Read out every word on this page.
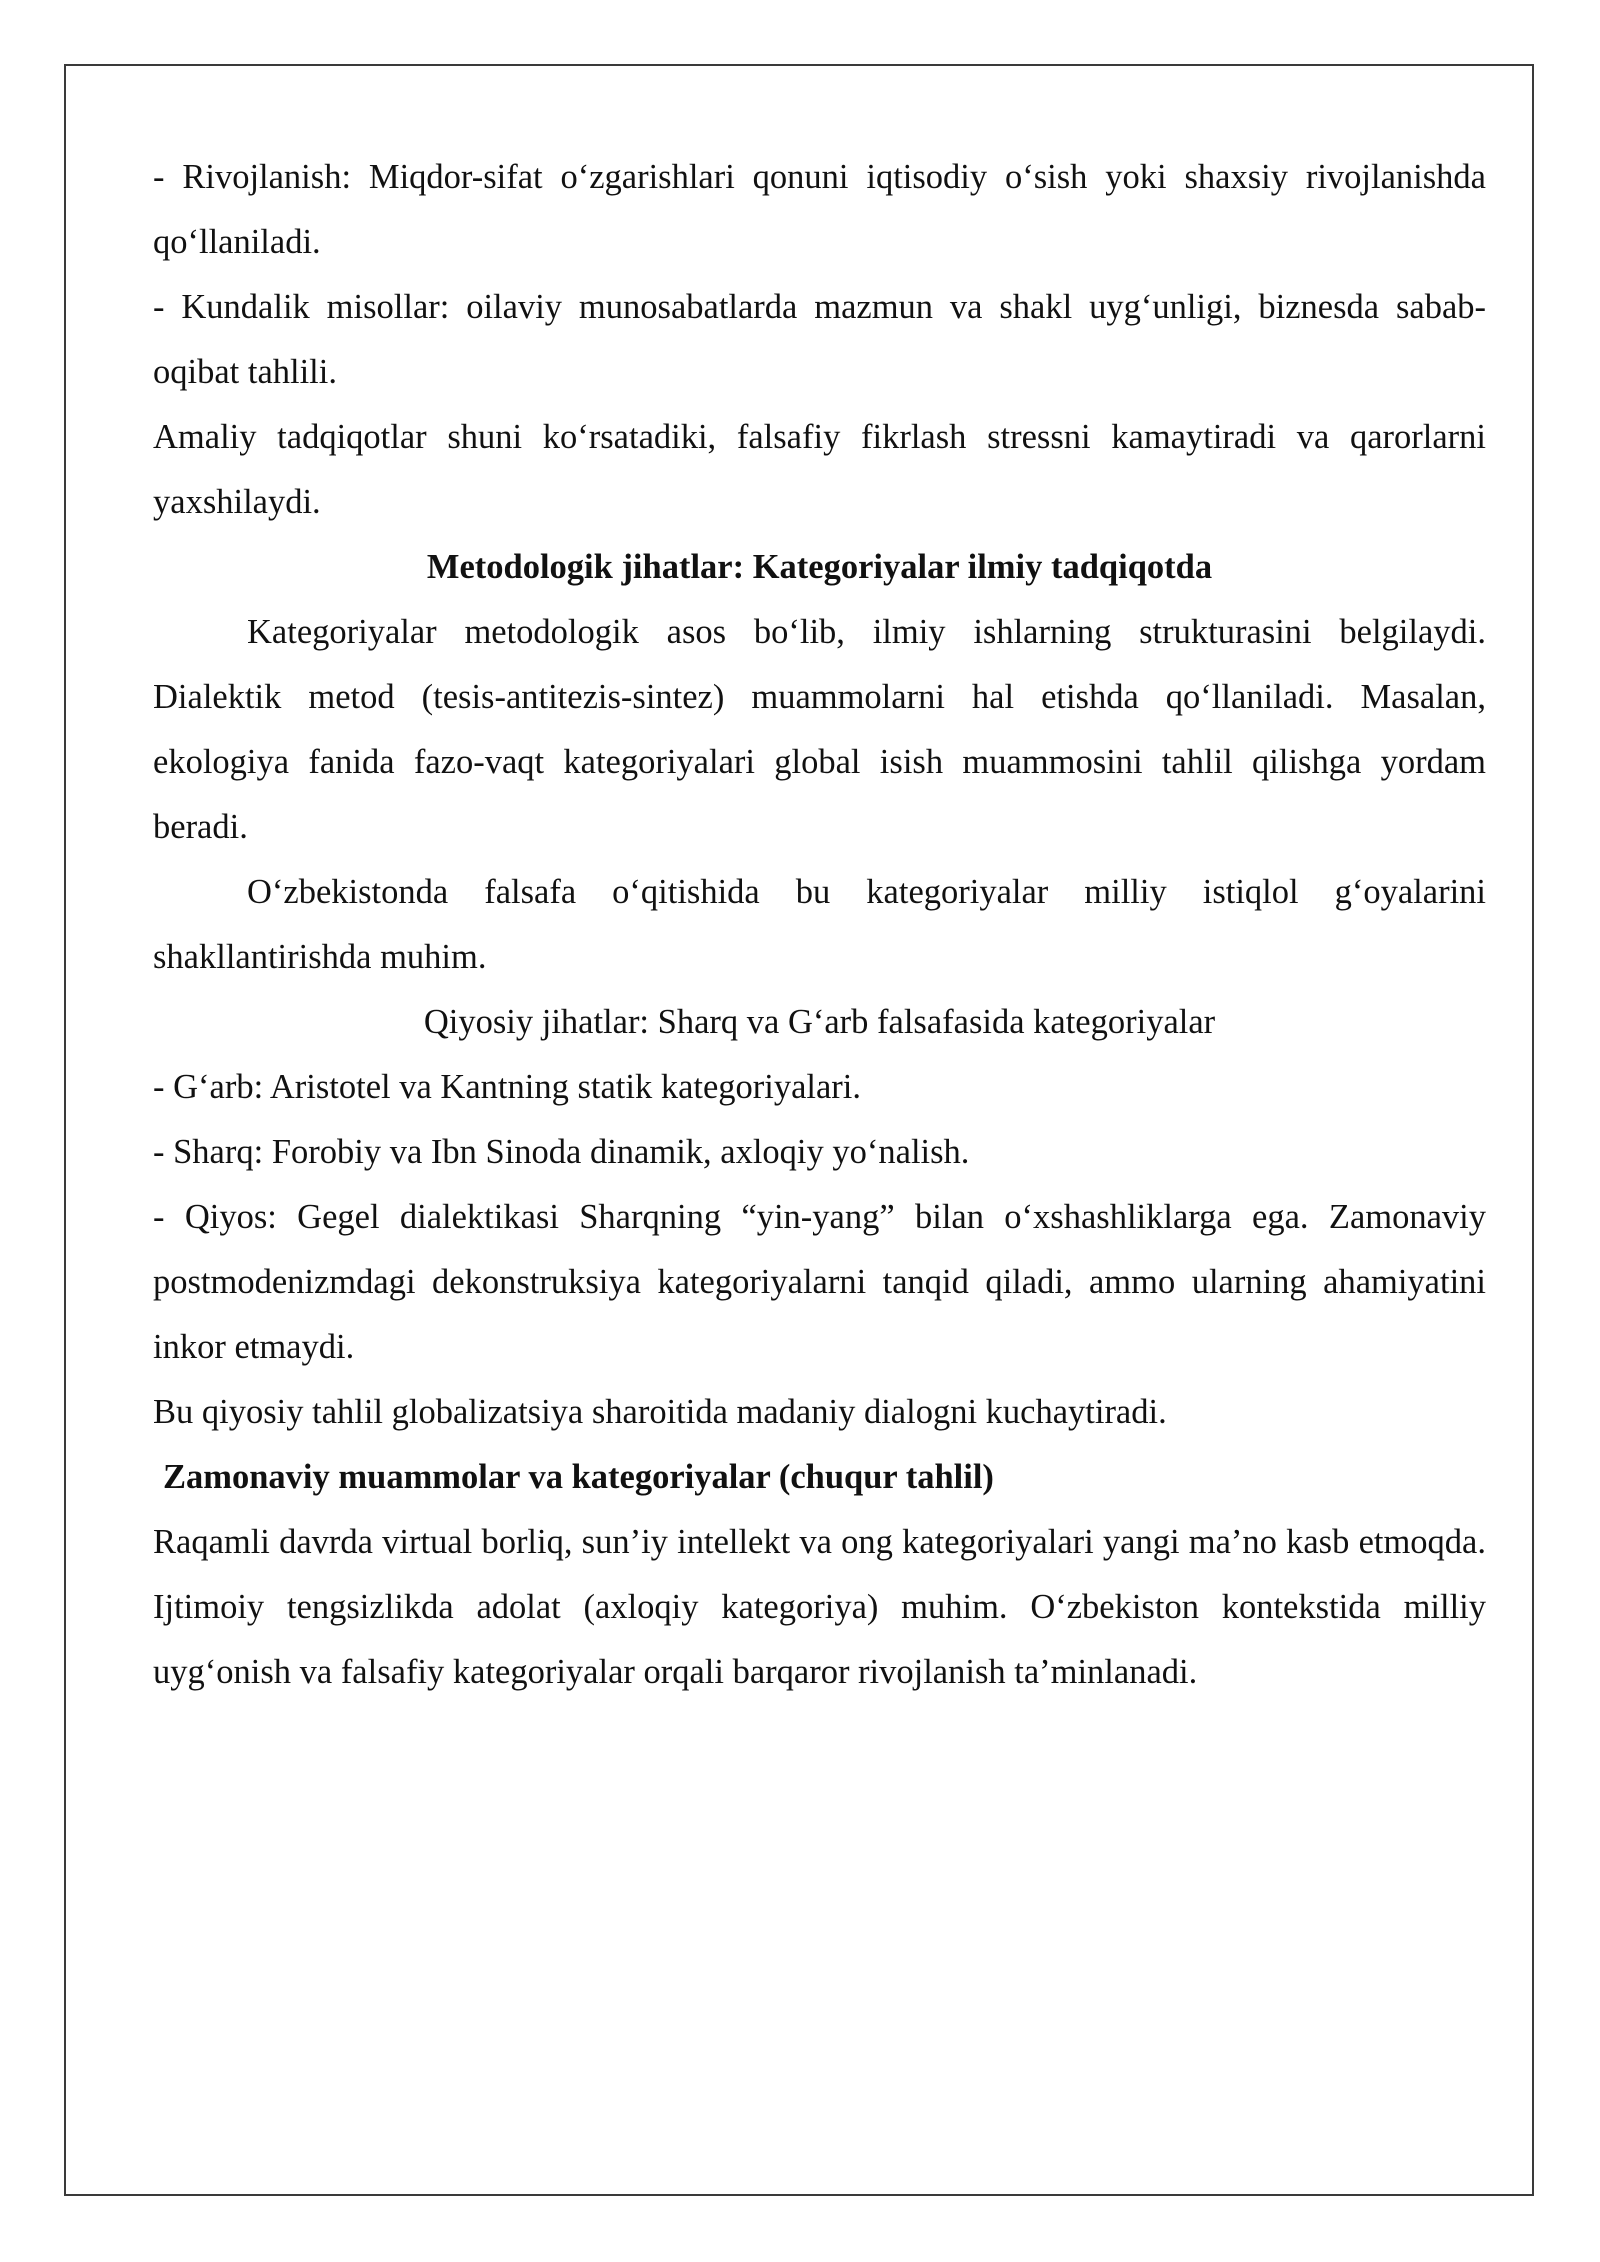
- Rivojlanish: Miqdor-sifat o‘zgarishlari qonuni iqtisodiy o‘sish yoki shaxsiy rivojlanishda qo‘llaniladi.

- Kundalik misollar: oilaviy munosabatlarda mazmun va shakl uyg‘unligi, biznesda sabab-oqibat tahlili.

Amaliy tadqiqotlar shuni ko‘rsatadiki, falsafiy fikrlash stressni kamaytiradi va qarorlarni yaxshilaydi.

Metodologik jihatlar: Kategoriyalar ilmiy tadqiqotda

Kategoriyalar metodologik asos bo‘lib, ilmiy ishlarning strukturasini belgilaydi. Dialektik metod (tesis-antitezis-sintez) muammolarni hal etishda qo‘llaniladi. Masalan, ekologiya fanida fazo-vaqt kategoriyalari global isish muammosini tahlil qilishga yordam beradi.

O‘zbekistonda falsafa o‘qitishida bu kategoriyalar milliy istiqlol g‘oyalarini shakllantirishda muhim.

Qiyosiy jihatlar: Sharq va G‘arb falsafasida kategoriyalar

- G‘arb: Aristotel va Kantning statik kategoriyalari.

- Sharq: Forobiy va Ibn Sinoda dinamik, axloqiy yo‘nalish.

- Qiyos: Gegel dialektikasi Sharqning “yin-yang” bilan o‘xshashliklarga ega. Zamonaviy postmodenizmdagi dekonstruksiya kategoriyalarni tanqid qiladi, ammo ularning ahamiyatini inkor etmaydi.

Bu qiyosiy tahlil globalizatsiya sharoitida madaniy dialogni kuchaytiradi.

Zamonaviy muammolar va kategoriyalar (chuqur tahlil)

Raqamli davrda virtual borliq, sun’iy intellekt va ong kategoriyalari yangi ma’no kasb etmoqda. Ijtimoiy tengsizlikda adolat (axloqiy kategoriya) muhim. O‘zbekiston kontekstida milliy uyg‘onish va falsafiy kategoriyalar orqali barqaror rivojlanish ta’minlanadi.
